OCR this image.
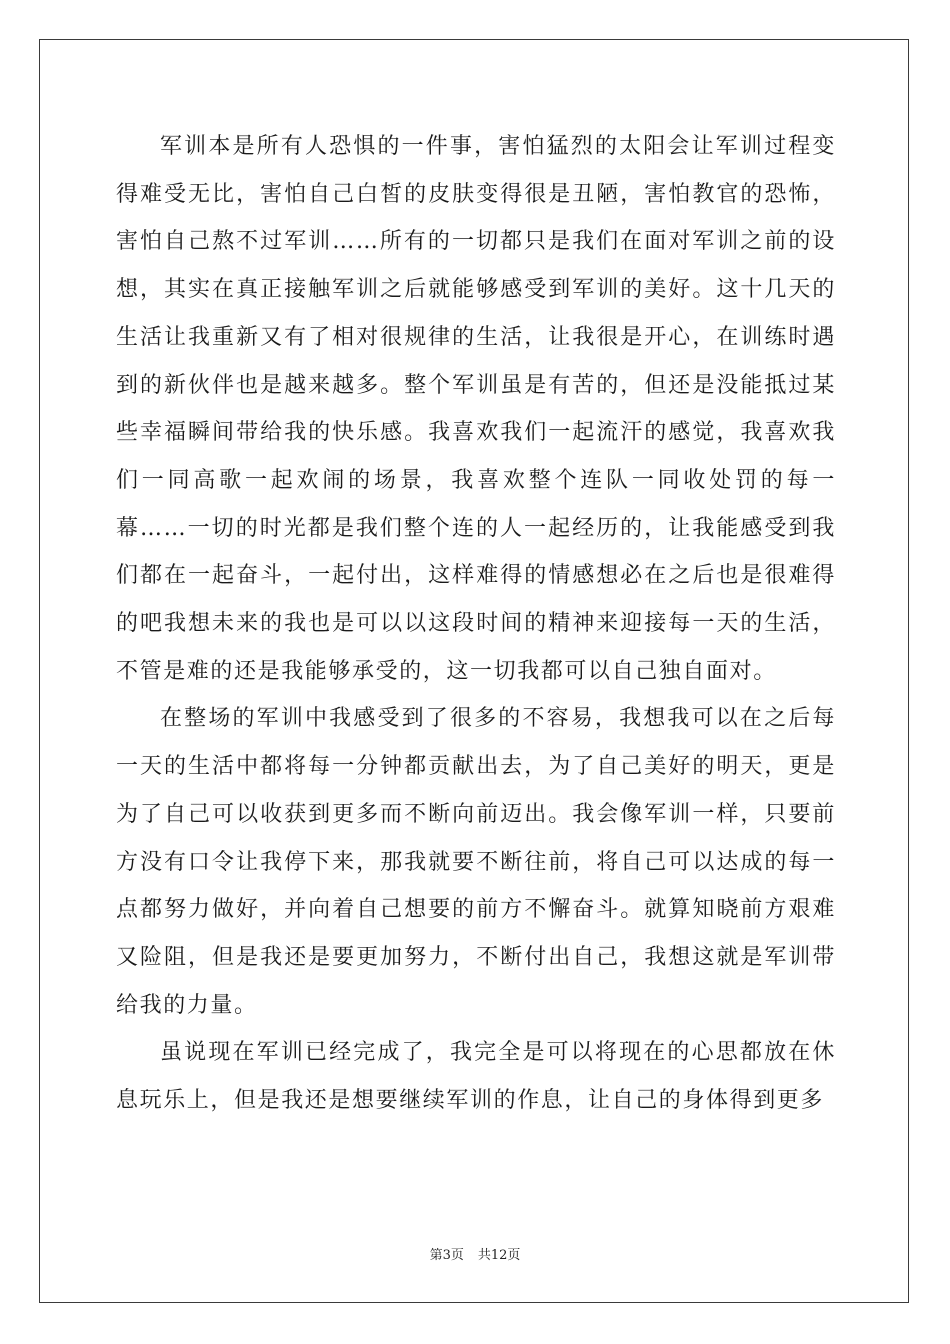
军训本是所有人恐惧的一件事，害怕猛烈的太阳会让军训过程变得难受无比，害怕自己白皙的皮肤变得很是丑陋，害怕教官的恐怖，害怕自己熬不过军训……所有的一切都只是我们在面对军训之前的设想，其实在真正接触军训之后就能够感受到军训的美好。这十几天的生活让我重新又有了相对很规律的生活，让我很是开心，在训练时遇到的新伙伴也是越来越多。整个军训虽是有苦的，但还是没能抵过某些幸福瞬间带给我的快乐感。我喜欢我们一起流汗的感觉，我喜欢我们一同高歌一起欢闹的场景，我喜欢整个连队一同收处罚的每一幕……一切的时光都是我们整个连的人一起经历的，让我能感受到我们都在一起奋斗，一起付出，这样难得的情感想必在之后也是很难得的吧我想未来的我也是可以以这段时间的精神来迎接每一天的生活，不管是难的还是我能够承受的，这一切我都可以自己独自面对。

在整场的军训中我感受到了很多的不容易，我想我可以在之后每一天的生活中都将每一分钟都贡献出去，为了自己美好的明天，更是为了自己可以收获到更多而不断向前迈出。我会像军训一样，只要前方没有口令让我停下来，那我就要不断往前，将自己可以达成的每一点都努力做好，并向着自己想要的前方不懈奋斗。就算知晓前方艰难又险阻，但是我还是要更加努力，不断付出自己，我想这就是军训带给我的力量。

虽说现在军训已经完成了，我完全是可以将现在的心思都放在休息玩乐上，但是我还是想要继续军训的作息，让自己的身体得到更多

第3页 共12页
